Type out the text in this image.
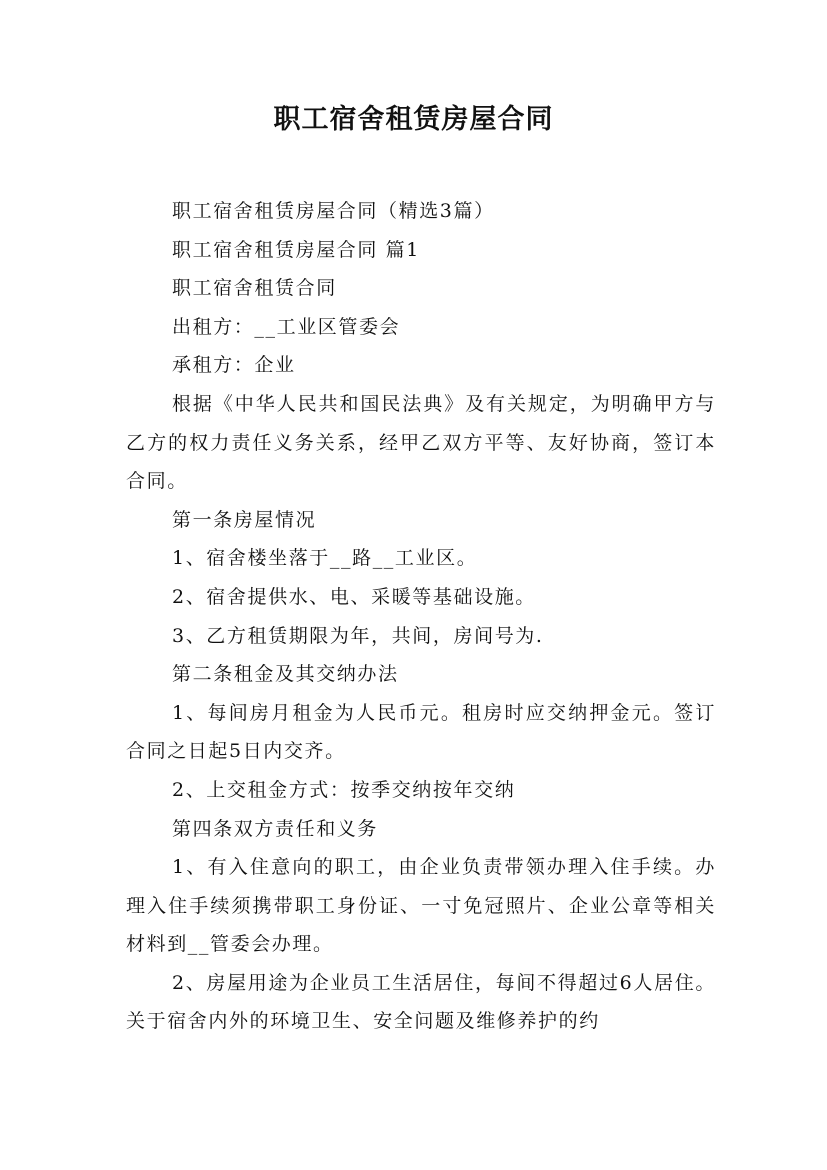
职工宿舍租赁房屋合同

职工宿舍租赁房屋合同（精选3篇）

职工宿舍租赁房屋合同 篇1

职工宿舍租赁合同

出租方：__工业区管委会

承租方：企业

根据《中华人民共和国民法典》及有关规定，为明确甲方与乙方的权力责任义务关系，经甲乙双方平等、友好协商，签订本合同。

第一条房屋情况

1、宿舍楼坐落于__路__工业区。

2、宿舍提供水、电、采暖等基础设施。

3、乙方租赁期限为年，共间，房间号为.

第二条租金及其交纳办法

1、每间房月租金为人民币元。租房时应交纳押金元。签订合同之日起5日内交齐。

2、上交租金方式：按季交纳按年交纳

第四条双方责任和义务

1、有入住意向的职工，由企业负责带领办理入住手续。办理入住手续须携带职工身份证、一寸免冠照片、企业公章等相关材料到__管委会办理。

2、房屋用途为企业员工生活居住，每间不得超过6人居住。关于宿舍内外的环境卫生、安全问题及维修养护的约
